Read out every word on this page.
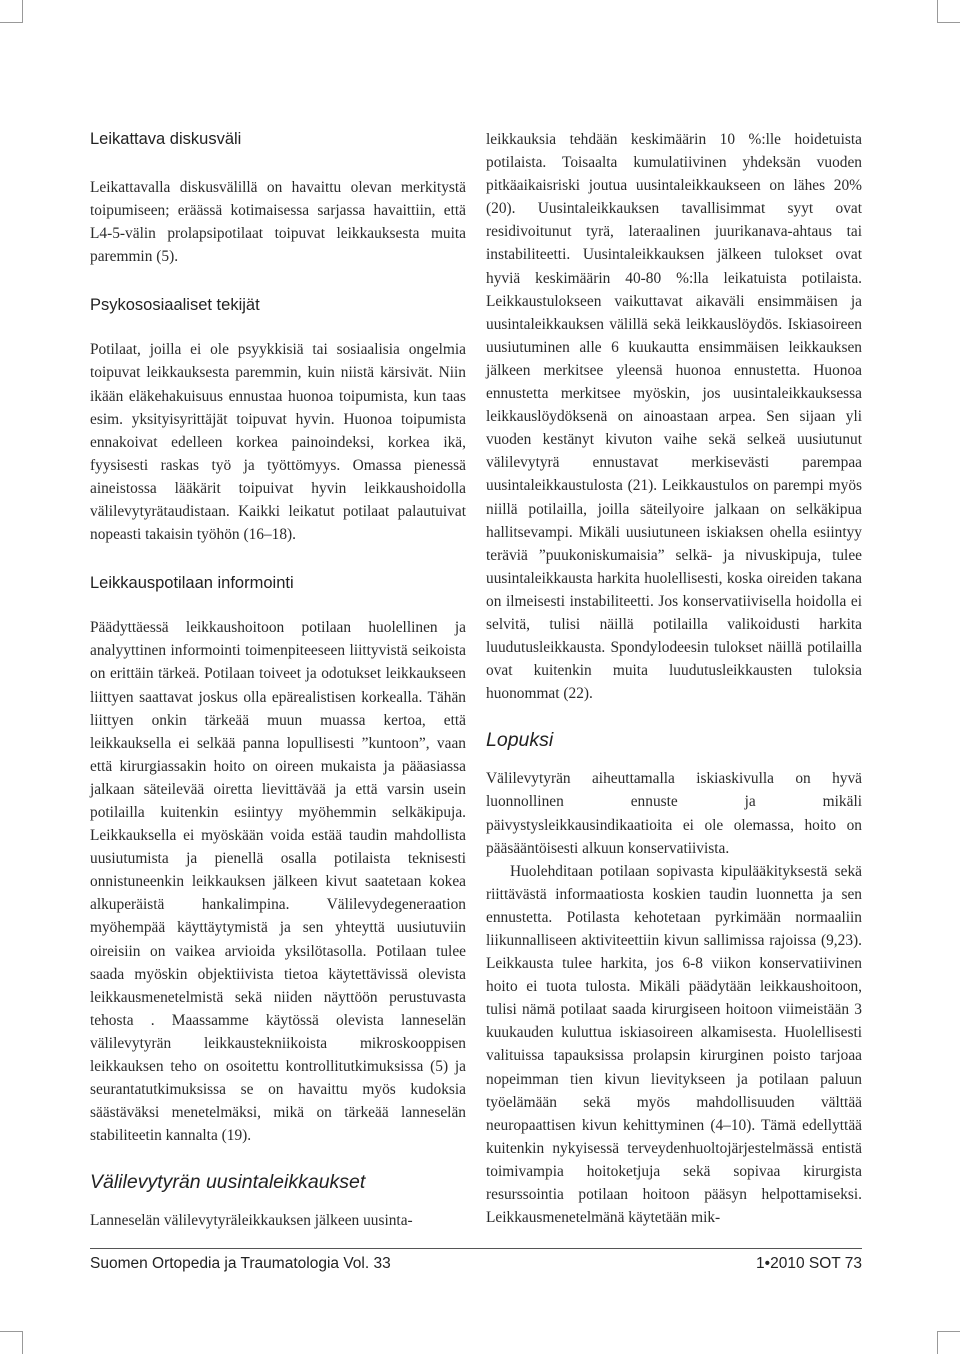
Leikattava diskusväli

Leikattavalla diskusvälillä on havaittu olevan merkitystä toipumiseen; eräässä kotimaisessa sarjassa havaittiin, että L4-5-välin prolapsipotilaat toipuvat leikkauksesta muita paremmin (5).

Psykososiaaliset tekijät

Potilaat, joilla ei ole psyykkisiä tai sosiaalisia ongelmia toipuvat leikkauksesta paremmin, kuin niistä kärsivät. Niin ikään eläkehakuisuus ennustaa huonoa toipumista, kun taas esim. yksityisyrittäjät toipuvat hyvin. Huonoa toipumista ennakoivat edelleen korkea painoindeksi, korkea ikä, fyysisesti raskas työ ja työttömyys. Omassa pienessä aineistossa lääkärit toipuivat hyvin leikkaushoidolla välilevytyrätaudistaan. Kaikki leikatut potilaat palautuivat nopeasti takaisin työhön (16–18).

Leikkauspotilaan informointi

Päädyttäessä leikkaushoitoon potilaan huolellinen ja analyyttinen informointi toimenpiteeseen liittyvistä seikoista on erittäin tärkeä. Potilaan toiveet ja odotukset leikkaukseen liittyen saattavat joskus olla epärealistisen korkealla. Tähän liittyen onkin tärkeää muun muassa kertoa, että leikkauksella ei selkää panna lopullisesti ”kuntoon”, vaan että kirurgiassakin hoito on oireen mukaista ja pääasiassa jalkaan säteilevää oiretta lievittävää ja että varsin usein potilailla kuitenkin esiintyy myöhemmin selkäkipuja. Leikkauksella ei myöskään voida estää taudin mahdollista uusiutumista ja pienellä osalla potilaista teknisesti onnistuneenkin leikkauksen jälkeen kivut saatetaan kokea alkuperäistä hankalimpina. Välilevydegeneraation myöhempää käyttäytymistä ja sen yhteyttä uusiutuviin oireisiin on vaikea arvioida yksilötasolla. Potilaan tulee saada myöskin objektiivista tietoa käytettävissä olevista leikkausmenetelmistä sekä niiden näyttöön perustuvasta tehosta . Maassamme käytössä olevista lanneselän välilevytyrän leikkaustekniikoista mikroskooppisen leikkauksen teho on osoitettu kontrollitutkimuksissa (5) ja seurantatutkimuksissa se on havaittu myös kudoksia säästäväksi menetelmäksi, mikä on tärkeää lanneselän stabiliteetin kannalta (19).

Välilevytyrän uusintaleikkaukset

Lanneselän välilevytyräleikkauksen jälkeen uusinta-

leikkauksia tehdään keskimäärin 10 %:lle hoidetuista potilaista. Toisaalta kumulatiivinen yhdeksän vuoden pitkäaikaisriski joutua uusintaleikkaukseen on lähes 20% (20). Uusintaleikkauksen tavallisimmat syyt ovat residivoitunut tyrä, lateraalinen juurikanava-ahtaus tai instabiliteetti. Uusintaleikkauksen jälkeen tulokset ovat hyviä keskimäärin 40-80 %:lla leikatuista potilaista. Leikkaustulokseen vaikuttavat aikaväli ensimmäisen ja uusintaleikkauksen välillä sekä leikkauslöydös. Iskiasoireen uusiutuminen alle 6 kuukautta ensimmäisen leikkauksen jälkeen merkitsee yleensä huonoa ennustetta. Huonoa ennustetta merkitsee myöskin, jos uusintaleikkauksessa leikkauslöydöksenä on ainoastaan arpea. Sen sijaan yli vuoden kestänyt kivuton vaihe sekä selkeä uusiutunut välilevytyrä ennustavat merkisevästi parempaa uusintaleikkaustulosta (21). Leikkaustulos on parempi myös niillä potilailla, joilla säteilyoire jalkaan on selkäkipua hallitsevampi. Mikäli uusiutuneen iskiaksen ohella esiintyy teräviä ”puukoniskumaisia” selkä- ja nivuskipuja, tulee uusintaleikkausta harkita huolellisesti, koska oireiden takana on ilmeisesti instabiliteetti. Jos konservatiivisella hoidolla ei selvitä, tulisi näillä potilailla valikoidusti harkita luudutusleikkausta. Spondylodeesin tulokset näillä potilailla ovat kuitenkin muita luudutusleikkausten tuloksia huonommat (22).

Lopuksi

Välilevytyrän aiheuttamalla iskiaskivulla on hyvä luonnollinen ennuste ja mikäli päivystysleikkausindikaatioita ei ole olemassa, hoito on pääsääntöisesti alkuun konservatiivista.

Huolehditaan potilaan sopivasta kipulääkityksestä sekä riittävästä informaatiosta koskien taudin luonnetta ja sen ennustetta. Potilasta kehotetaan pyrkimään normaaliin liikunnalliseen aktiviteettiin kivun sallimissa rajoissa (9,23). Leikkausta tulee harkita, jos 6-8 viikon konservatiivinen hoito ei tuota tulosta. Mikäli päädytään leikkaushoitoon, tulisi nämä potilaat saada kirurgiseen hoitoon viimeistään 3 kuukauden kuluttua iskiasoireen alkamisesta. Huolellisesti valituissa tapauksissa prolapsin kirurginen poisto tarjoaa nopeimman tien kivun lievitykseen ja potilaan paluun työelämään sekä myös mahdollisuuden välttää neuropaattisen kivun kehittyminen (4–10). Tämä edellyttää kuitenkin nykyisessä terveydenhuoltojärjestelmässä entistä toimivampia hoitoketjuja sekä sopivaa kirurgista resurssointia potilaan hoitoon pääsyn helpottamiseksi. Leikkausmenetelmänä käytetään mik-

Suomen Ortopedia ja Traumatologia Vol. 33	1•2010 SOT 73
